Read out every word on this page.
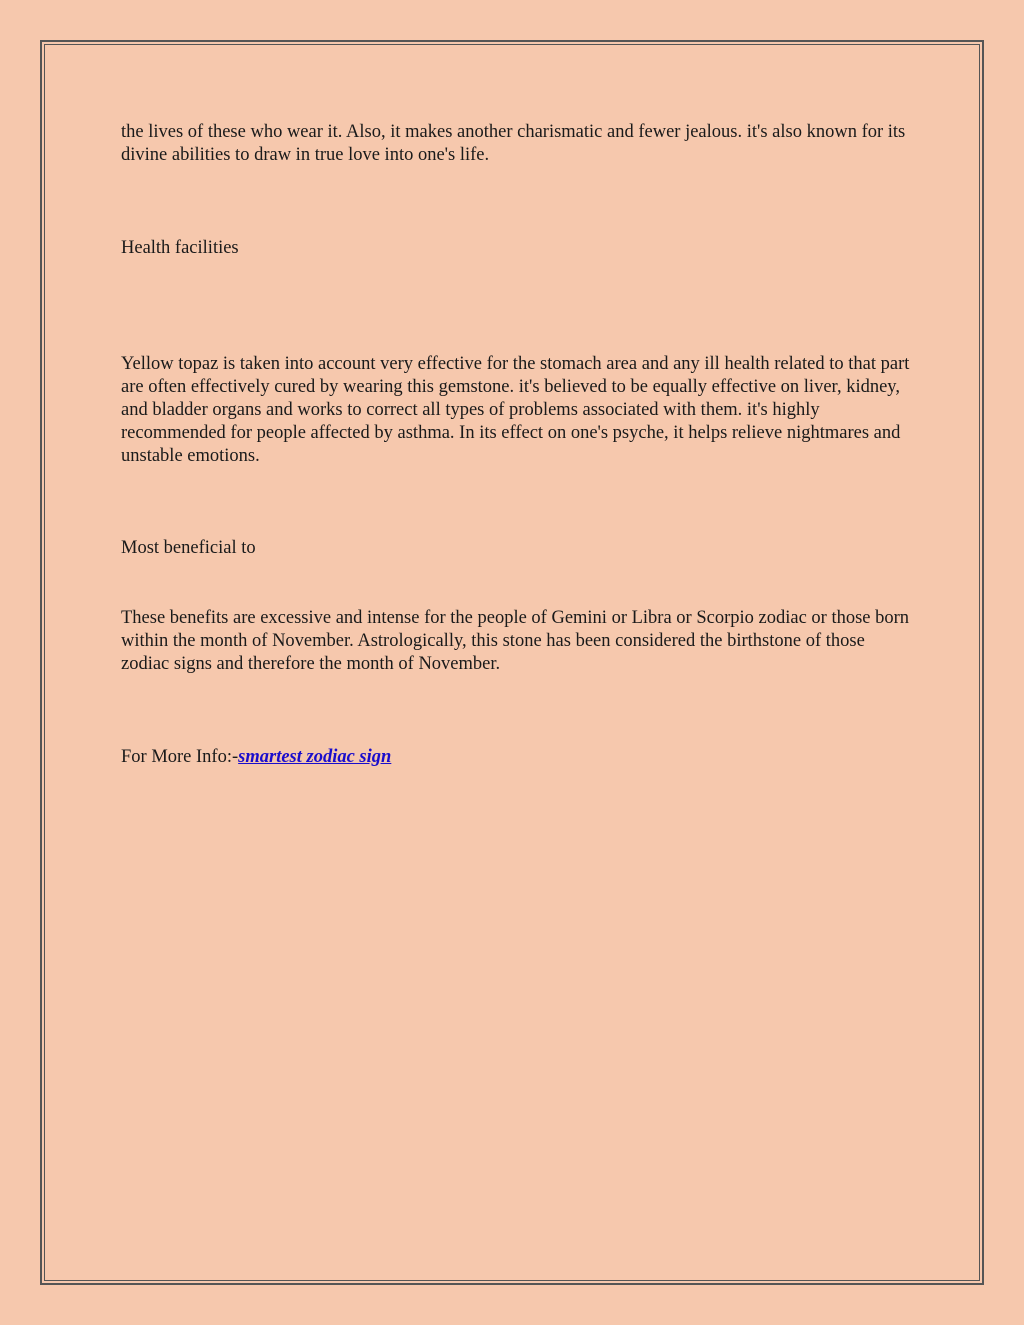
the lives of these who wear it. Also, it makes another charismatic and fewer jealous. it's also known for its divine abilities to draw in true love into one's life.

Health facilities

Yellow topaz is taken into account very effective for the stomach area and any ill health related to that part are often effectively cured by wearing this gemstone. it's believed to be equally effective on liver, kidney, and bladder organs and works to correct all types of problems associated with them. it's highly recommended for people affected by asthma. In its effect on one's psyche, it helps relieve nightmares and unstable emotions.

Most beneficial to

These benefits are excessive and intense for the people of Gemini or Libra or Scorpio zodiac or those born within the month of November. Astrologically, this stone has been considered the birthstone of those zodiac signs and therefore the month of November.

For More Info:-smartest zodiac sign
